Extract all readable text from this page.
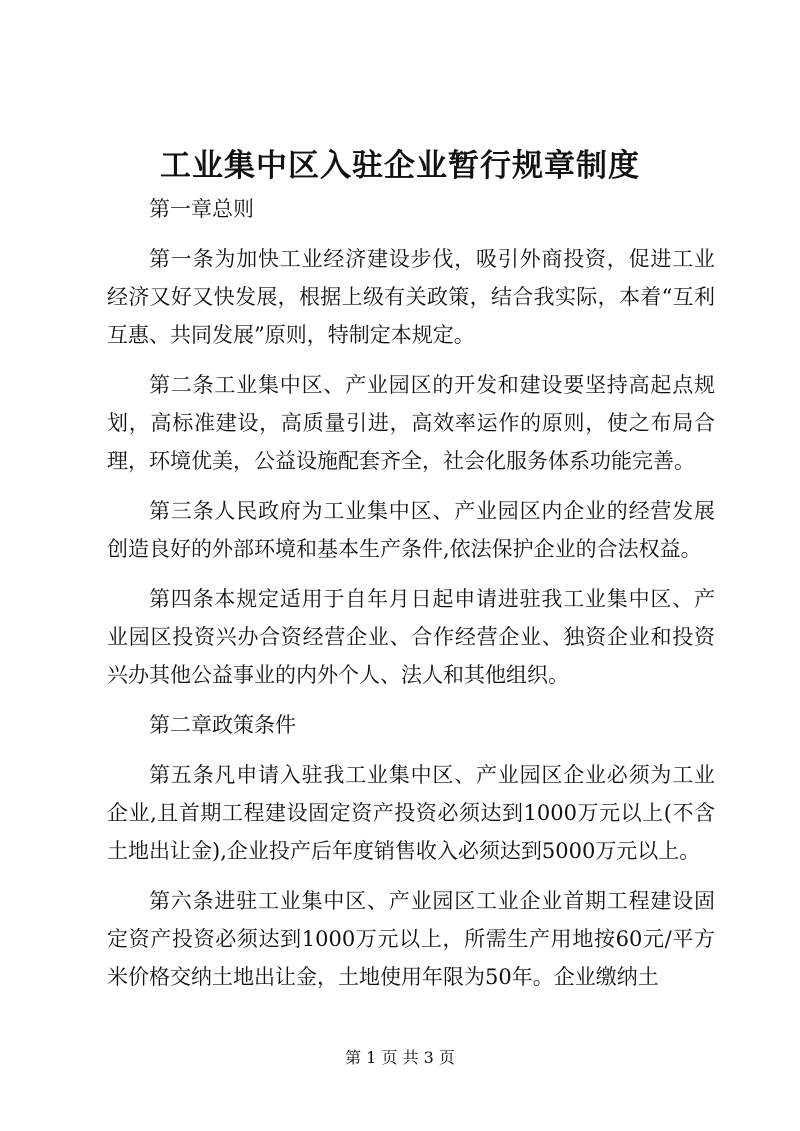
工业集中区入驻企业暂行规章制度

第一章总则

第一条为加快工业经济建设步伐，吸引外商投资，促进工业经济又好又快发展，根据上级有关政策，结合我实际，本着“互利互惠、共同发展”原则，特制定本规定。

第二条工业集中区、产业园区的开发和建设要坚持高起点规划，高标准建设，高质量引进，高效率运作的原则，使之布局合理，环境优美，公益设施配套齐全，社会化服务体系功能完善。

第三条人民政府为工业集中区、产业园区内企业的经营发展创造良好的外部环境和基本生产条件,依法保护企业的合法权益。

第四条本规定适用于自年月日起申请进驻我工业集中区、产业园区投资兴办合资经营企业、合作经营企业、独资企业和投资兴办其他公益事业的内外个人、法人和其他组织。

第二章政策条件

第五条凡申请入驻我工业集中区、产业园区企业必须为工业企业,且首期工程建设固定资产投资必须达到1000万元以上(不含土地出让金),企业投产后年度销售收入必须达到5000万元以上。

第六条进驻工业集中区、产业园区工业企业首期工程建设固定资产投资必须达到1000万元以上，所需生产用地按60元/平方米价格交纳土地出让金，土地使用年限为50年。企业缴纳土

第 1 页 共 3 页
